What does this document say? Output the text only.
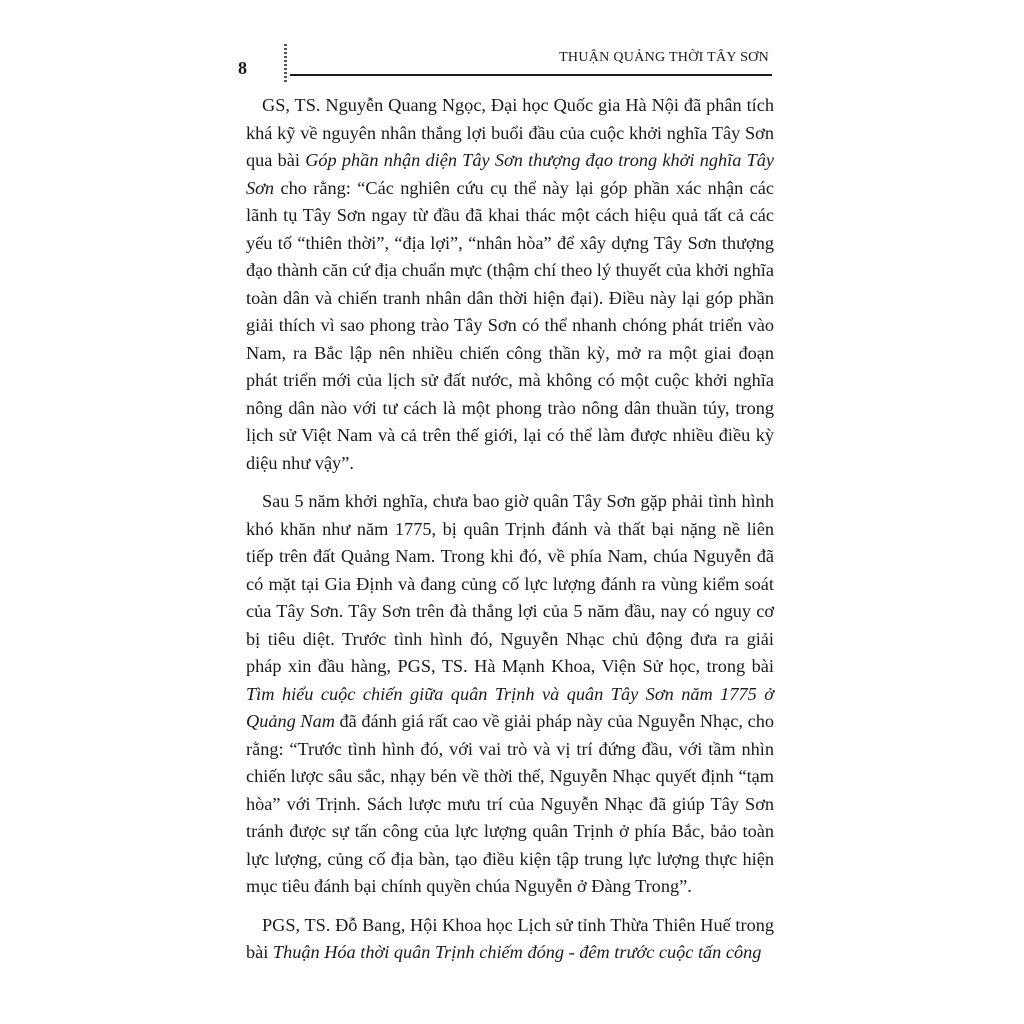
8
THUẬN QUẢNG THỜI TÂY SƠN

GS, TS. Nguyễn Quang Ngọc, Đại học Quốc gia Hà Nội đã phân tích khá kỹ về nguyên nhân thắng lợi buổi đầu của cuộc khởi nghĩa Tây Sơn qua bài Góp phần nhận diện Tây Sơn thượng đạo trong khởi nghĩa Tây Sơn cho rằng: “Các nghiên cứu cụ thể này lại góp phần xác nhận các lãnh tụ Tây Sơn ngay từ đầu đã khai thác một cách hiệu quả tất cả các yếu tố “thiên thời”, “địa lợi”, “nhân hòa” để xây dựng Tây Sơn thượng đạo thành căn cứ địa chuẩn mực (thậm chí theo lý thuyết của khởi nghĩa toàn dân và chiến tranh nhân dân thời hiện đại). Điều này lại góp phần giải thích vì sao phong trào Tây Sơn có thể nhanh chóng phát triển vào Nam, ra Bắc lập nên nhiều chiến công thần kỳ, mở ra một giai đoạn phát triển mới của lịch sử đất nước, mà không có một cuộc khởi nghĩa nông dân nào với tư cách là một phong trào nông dân thuần túy, trong lịch sử Việt Nam và cả trên thế giới, lại có thể làm được nhiều điều kỳ diệu như vậy”.

Sau 5 năm khởi nghĩa, chưa bao giờ quân Tây Sơn gặp phải tình hình khó khăn như năm 1775, bị quân Trịnh đánh và thất bại nặng nề liên tiếp trên đất Quảng Nam. Trong khi đó, về phía Nam, chúa Nguyễn đã có mặt tại Gia Định và đang củng cố lực lượng đánh ra vùng kiểm soát của Tây Sơn. Tây Sơn trên đà thắng lợi của 5 năm đầu, nay có nguy cơ bị tiêu diệt. Trước tình hình đó, Nguyễn Nhạc chủ động đưa ra giải pháp xin đầu hàng, PGS, TS. Hà Mạnh Khoa, Viện Sử học, trong bài Tìm hiểu cuộc chiến giữa quân Trịnh và quân Tây Sơn năm 1775 ở Quảng Nam đã đánh giá rất cao về giải pháp này của Nguyễn Nhạc, cho rằng: “Trước tình hình đó, với vai trò và vị trí đứng đầu, với tầm nhìn chiến lược sâu sắc, nhạy bén về thời thế, Nguyễn Nhạc quyết định “tạm hòa” với Trịnh. Sách lược mưu trí của Nguyễn Nhạc đã giúp Tây Sơn tránh được sự tấn công của lực lượng quân Trịnh ở phía Bắc, bảo toàn lực lượng, củng cố địa bàn, tạo điều kiện tập trung lực lượng thực hiện mục tiêu đánh bại chính quyền chúa Nguyễn ở Đàng Trong”.

PGS, TS. Đỗ Bang, Hội Khoa học Lịch sử tỉnh Thừa Thiên Huế trong bài Thuận Hóa thời quân Trịnh chiếm đóng - đêm trước cuộc tấn công
